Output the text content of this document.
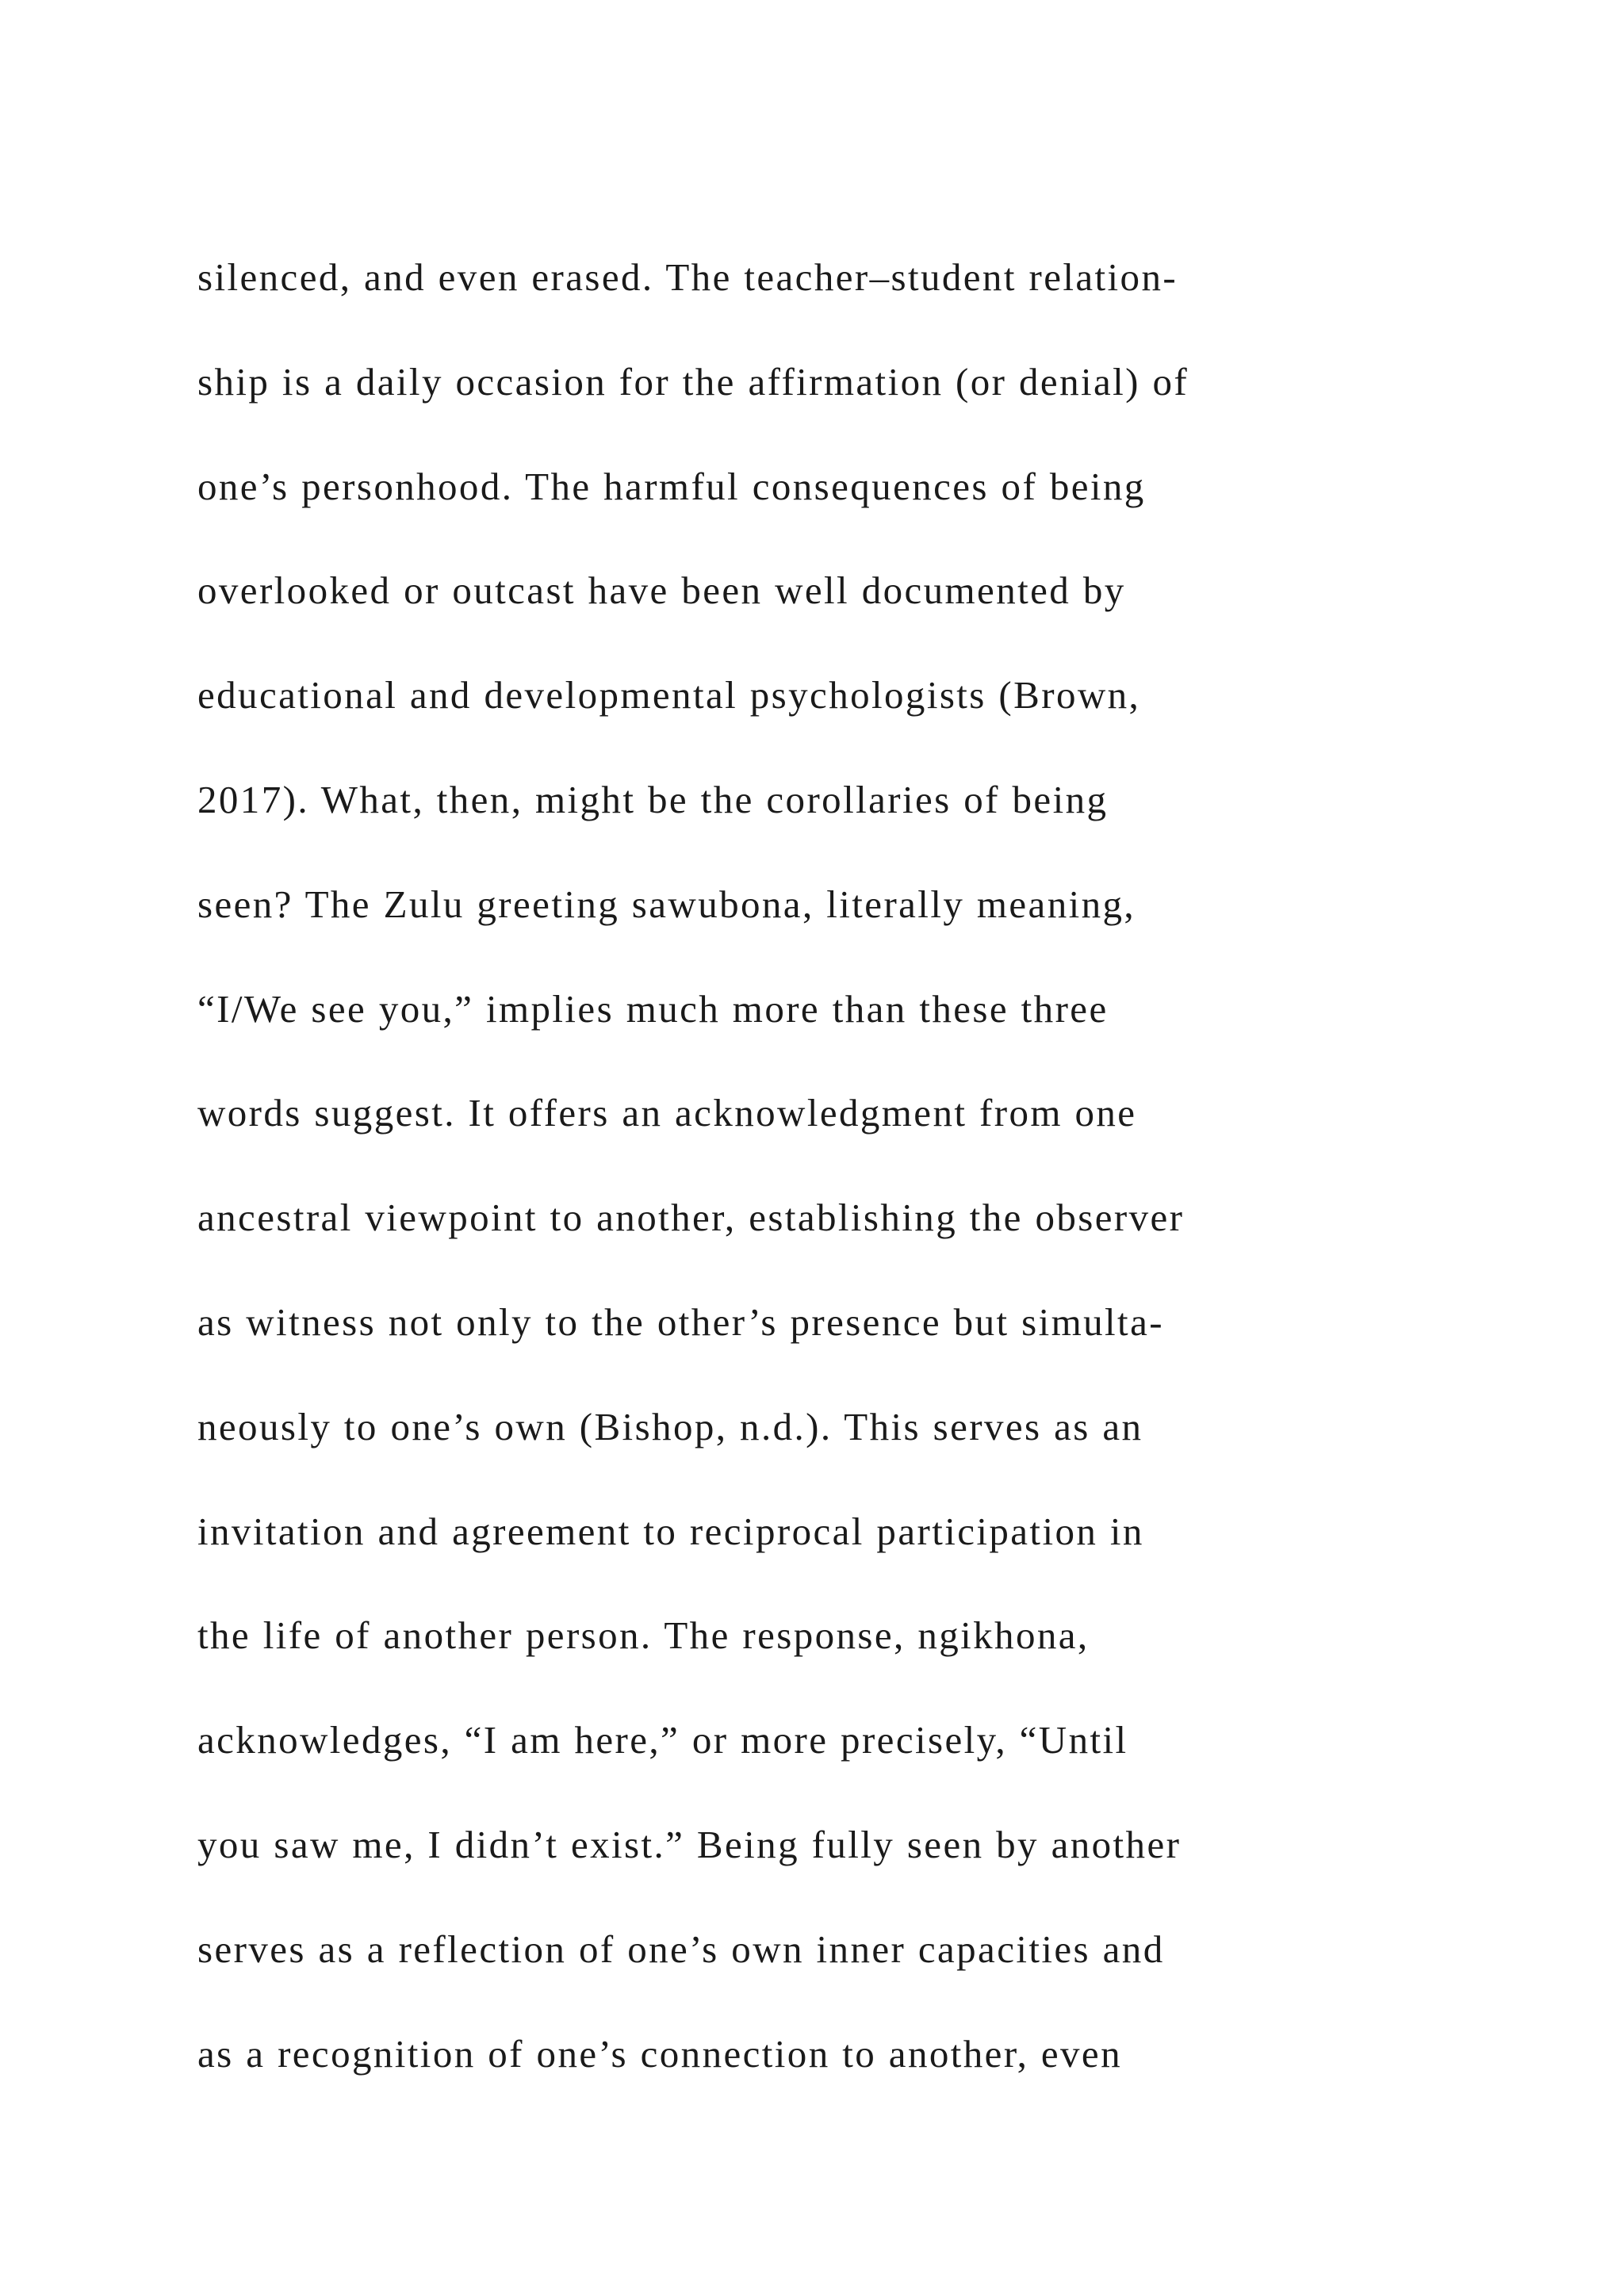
silenced, and even erased. The teacher–student relation-
ship is a daily occasion for the affirmation (or denial) of
one’s personhood. The harmful consequences of being
overlooked or outcast have been well documented by
educational and developmental psychologists (Brown,
2017). What, then, might be the corollaries of being
seen? The Zulu greeting sawubona, literally meaning,
“I/We see you,” implies much more than these three
words suggest. It offers an acknowledgment from one
ancestral viewpoint to another, establishing the observer
as witness not only to the other’s presence but simulta-
neously to one’s own (Bishop, n.d.). This serves as an
invitation and agreement to reciprocal participation in
the life of another person. The response, ngikhona,
acknowledges, “I am here,” or more precisely, “Until
you saw me, I didn’t exist.” Being fully seen by another
serves as a reflection of one’s own inner capacities and
as a recognition of one’s connection to another, even
